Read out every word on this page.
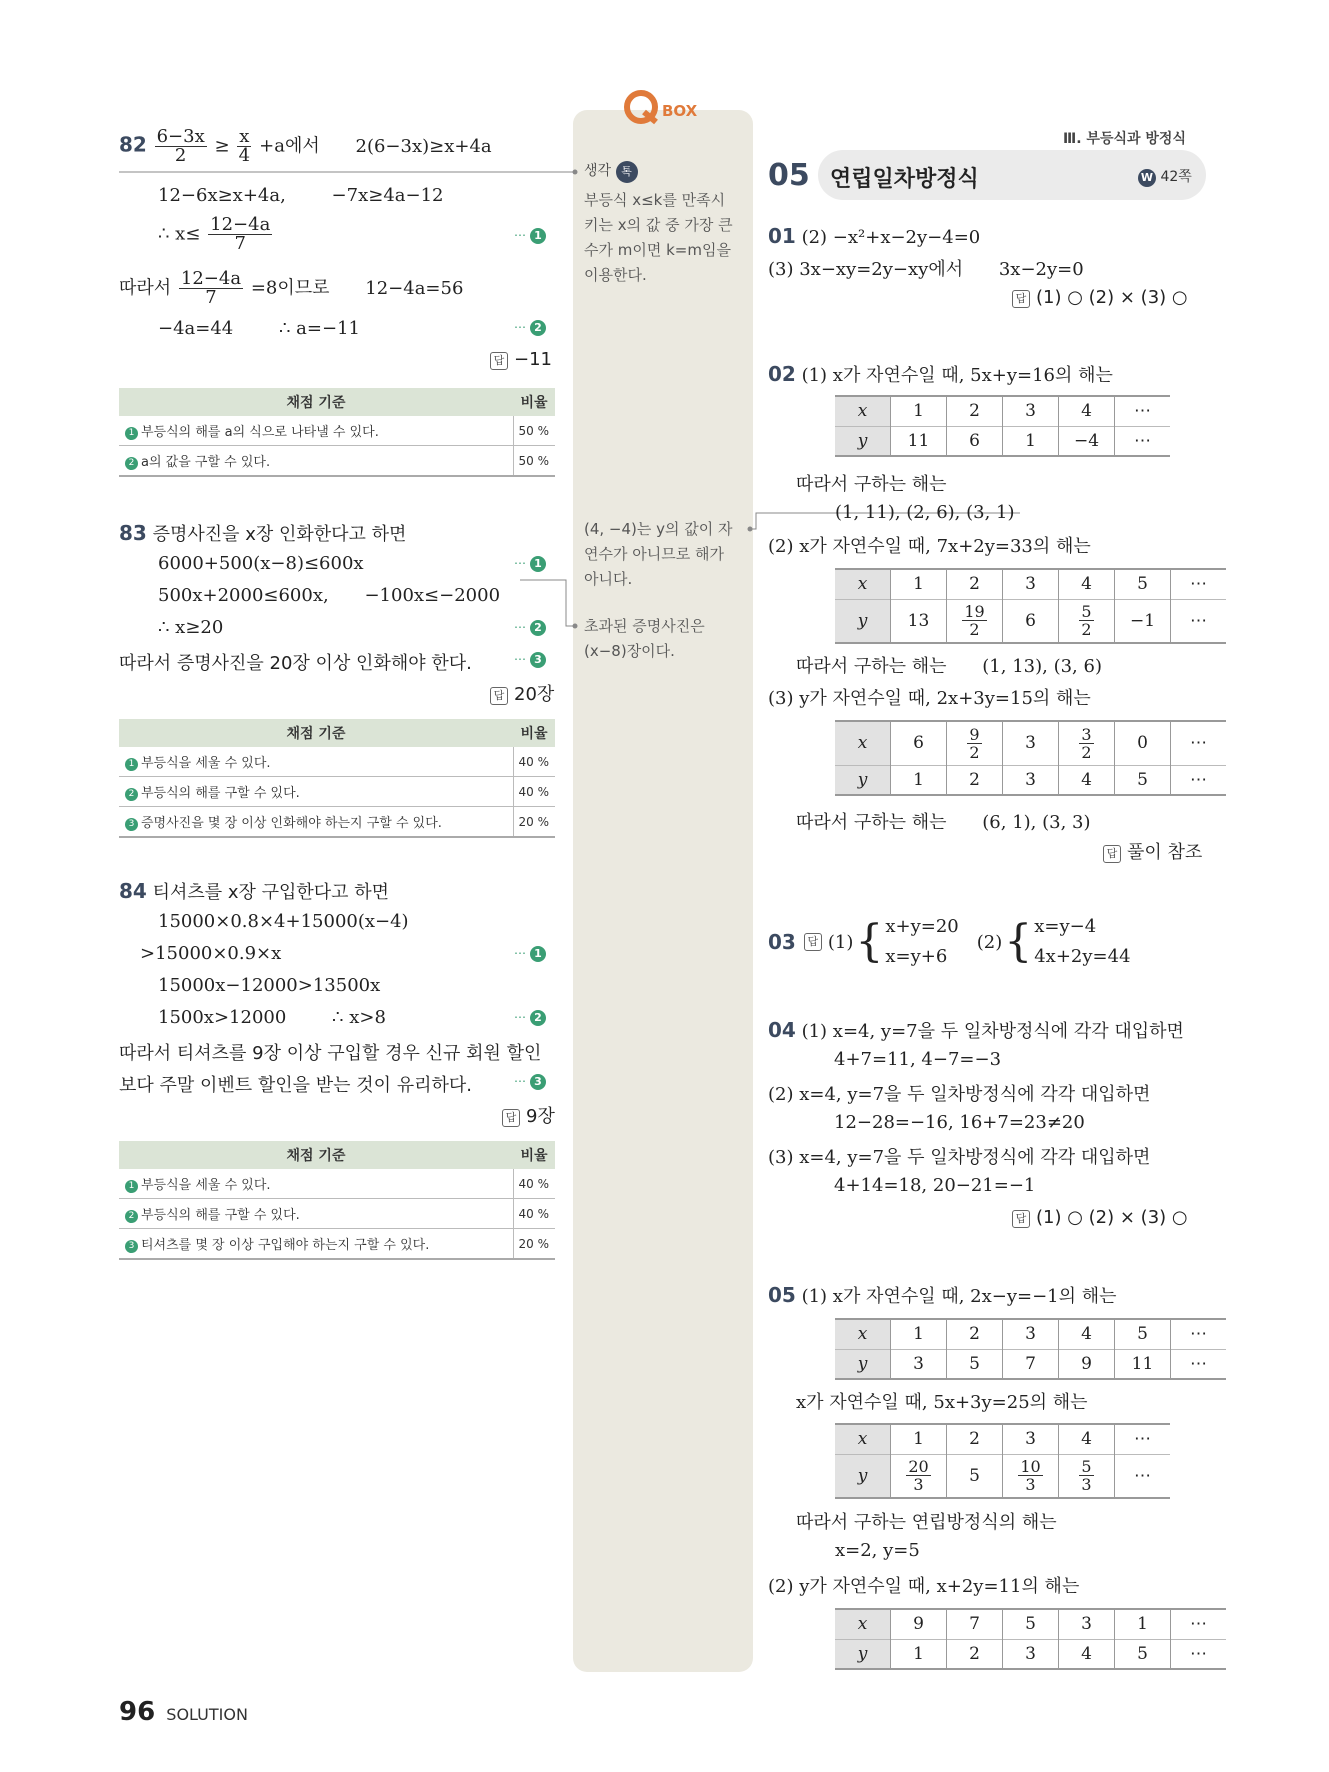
BOX
생각 톡
부등식 x≤k를 만족시
키는 x의 값 중 가장 큰
수가 m이면 k=m임을
이용한다.
(4, −4)는 y의 값이 자
연수가 아니므로 해가
아니다.
초과된 증명사진은
(x−8)장이다.
$82 \frac{6-3x}{2} \ge \frac{x}{4} +a$에서 2(6−3x)≥x+4a
12−6x≥x+4a,	−7x≥4a−12
∴ $x\le \frac{12-4a}{7}$	⋯ 1
따라서 $\frac{12-4a}{7} =8$이므로 12−4a=56
−4a=44	∴ a=−11	⋯ 2
답 −11
채점 기준	비율
1 부등식의 해를 a의 식으로 나타낼 수 있다.	50 %
2 a의 값을 구할 수 있다.	50 %
83 증명사진을 x장 인화한다고 하면
6000+500(x−8)≤600x	⋯ 1
500x+2000≤600x, −100x≤−2000
∴ x≥20	⋯ 2
따라서 증명사진을 20장 이상 인화해야 한다.	⋯ 3
답 20장
채점 기준	비율
1 부등식을 세울 수 있다.	40 %
2 부등식의 해를 구할 수 있다.	40 %
3 증명사진을 몇 장 이상 인화해야 하는지 구할 수 있다.	20 %
84 티셔츠를 x장 구입한다고 하면
15000×0.8×4+15000(x−4)
>15000×0.9×x	⋯ 1
15000x−12000>13500x
1500x>12000	∴ x>8	⋯ 2
따라서 티셔츠를 9장 이상 구입할 경우 신규 회원 할인
보다 주말 이벤트 할인을 받는 것이 유리하다.	⋯ 3
답 9장
채점 기준	비율
1 부등식을 세울 수 있다.	40 %
2 부등식의 해를 구할 수 있다.	40 %
3 티셔츠를 몇 장 이상 구입해야 하는지 구할 수 있다.	20 %
Ⅲ. 부등식과 방정식
05 연립일차방정식	W 42쪽
01 (2) −x²+x−2y−4=0
(3) 3x−xy=2y−xy에서 3x−2y=0
답 (1) ○ (2) × (3) ○
02 (1) x가 자연수일 때, 5x+y=16의 해는
x	1	2	3	4	⋯
y	11	6	1	−4	⋯
따라서 구하는 해는
(1, 11), (2, 6), (3, 1)
(2) x가 자연수일 때, 7x+2y=33의 해는
x	1	2	3	4	5	⋯
y	13	$\frac{19}{2}$	6	$\frac{5}{2}$	−1	⋯
따라서 구하는 해는 (1, 13), (3, 6)
(3) y가 자연수일 때, 2x+3y=15의 해는
x	6	$\frac{9}{2}$	3	$\frac{3}{2}$	0	⋯
y	1	2	3	4	5	⋯
따라서 구하는 해는 (6, 1), (3, 3)
답 풀이 참조
03	답 (1) { x+y=20
x=y+6
(2) { x=y−4
4x+2y=44
04 (1) x=4, y=7을 두 일차방정식에 각각 대입하면
4+7=11, 4−7=−3
(2) x=4, y=7을 두 일차방정식에 각각 대입하면
12−28=−16, 16+7=23≠20
(3) x=4, y=7을 두 일차방정식에 각각 대입하면
4+14=18, 20−21=−1
답 (1) ○ (2) × (3) ○
05 (1) x가 자연수일 때, 2x−y=−1의 해는
x	1	2	3	4	5	⋯
y	3	5	7	9	11	⋯
x가 자연수일 때, 5x+3y=25의 해는
x	1	2	3	4	⋯
y	$\frac{20}{3}$	5	$\frac{10}{3}$	$\frac{5}{3}$	⋯
따라서 구하는 연립방정식의 해는
x=2, y=5
(2) y가 자연수일 때, x+2y=11의 해는
x	9	7	5	3	1	⋯
y	1	2	3	4	5	⋯
96 SOLUTION
